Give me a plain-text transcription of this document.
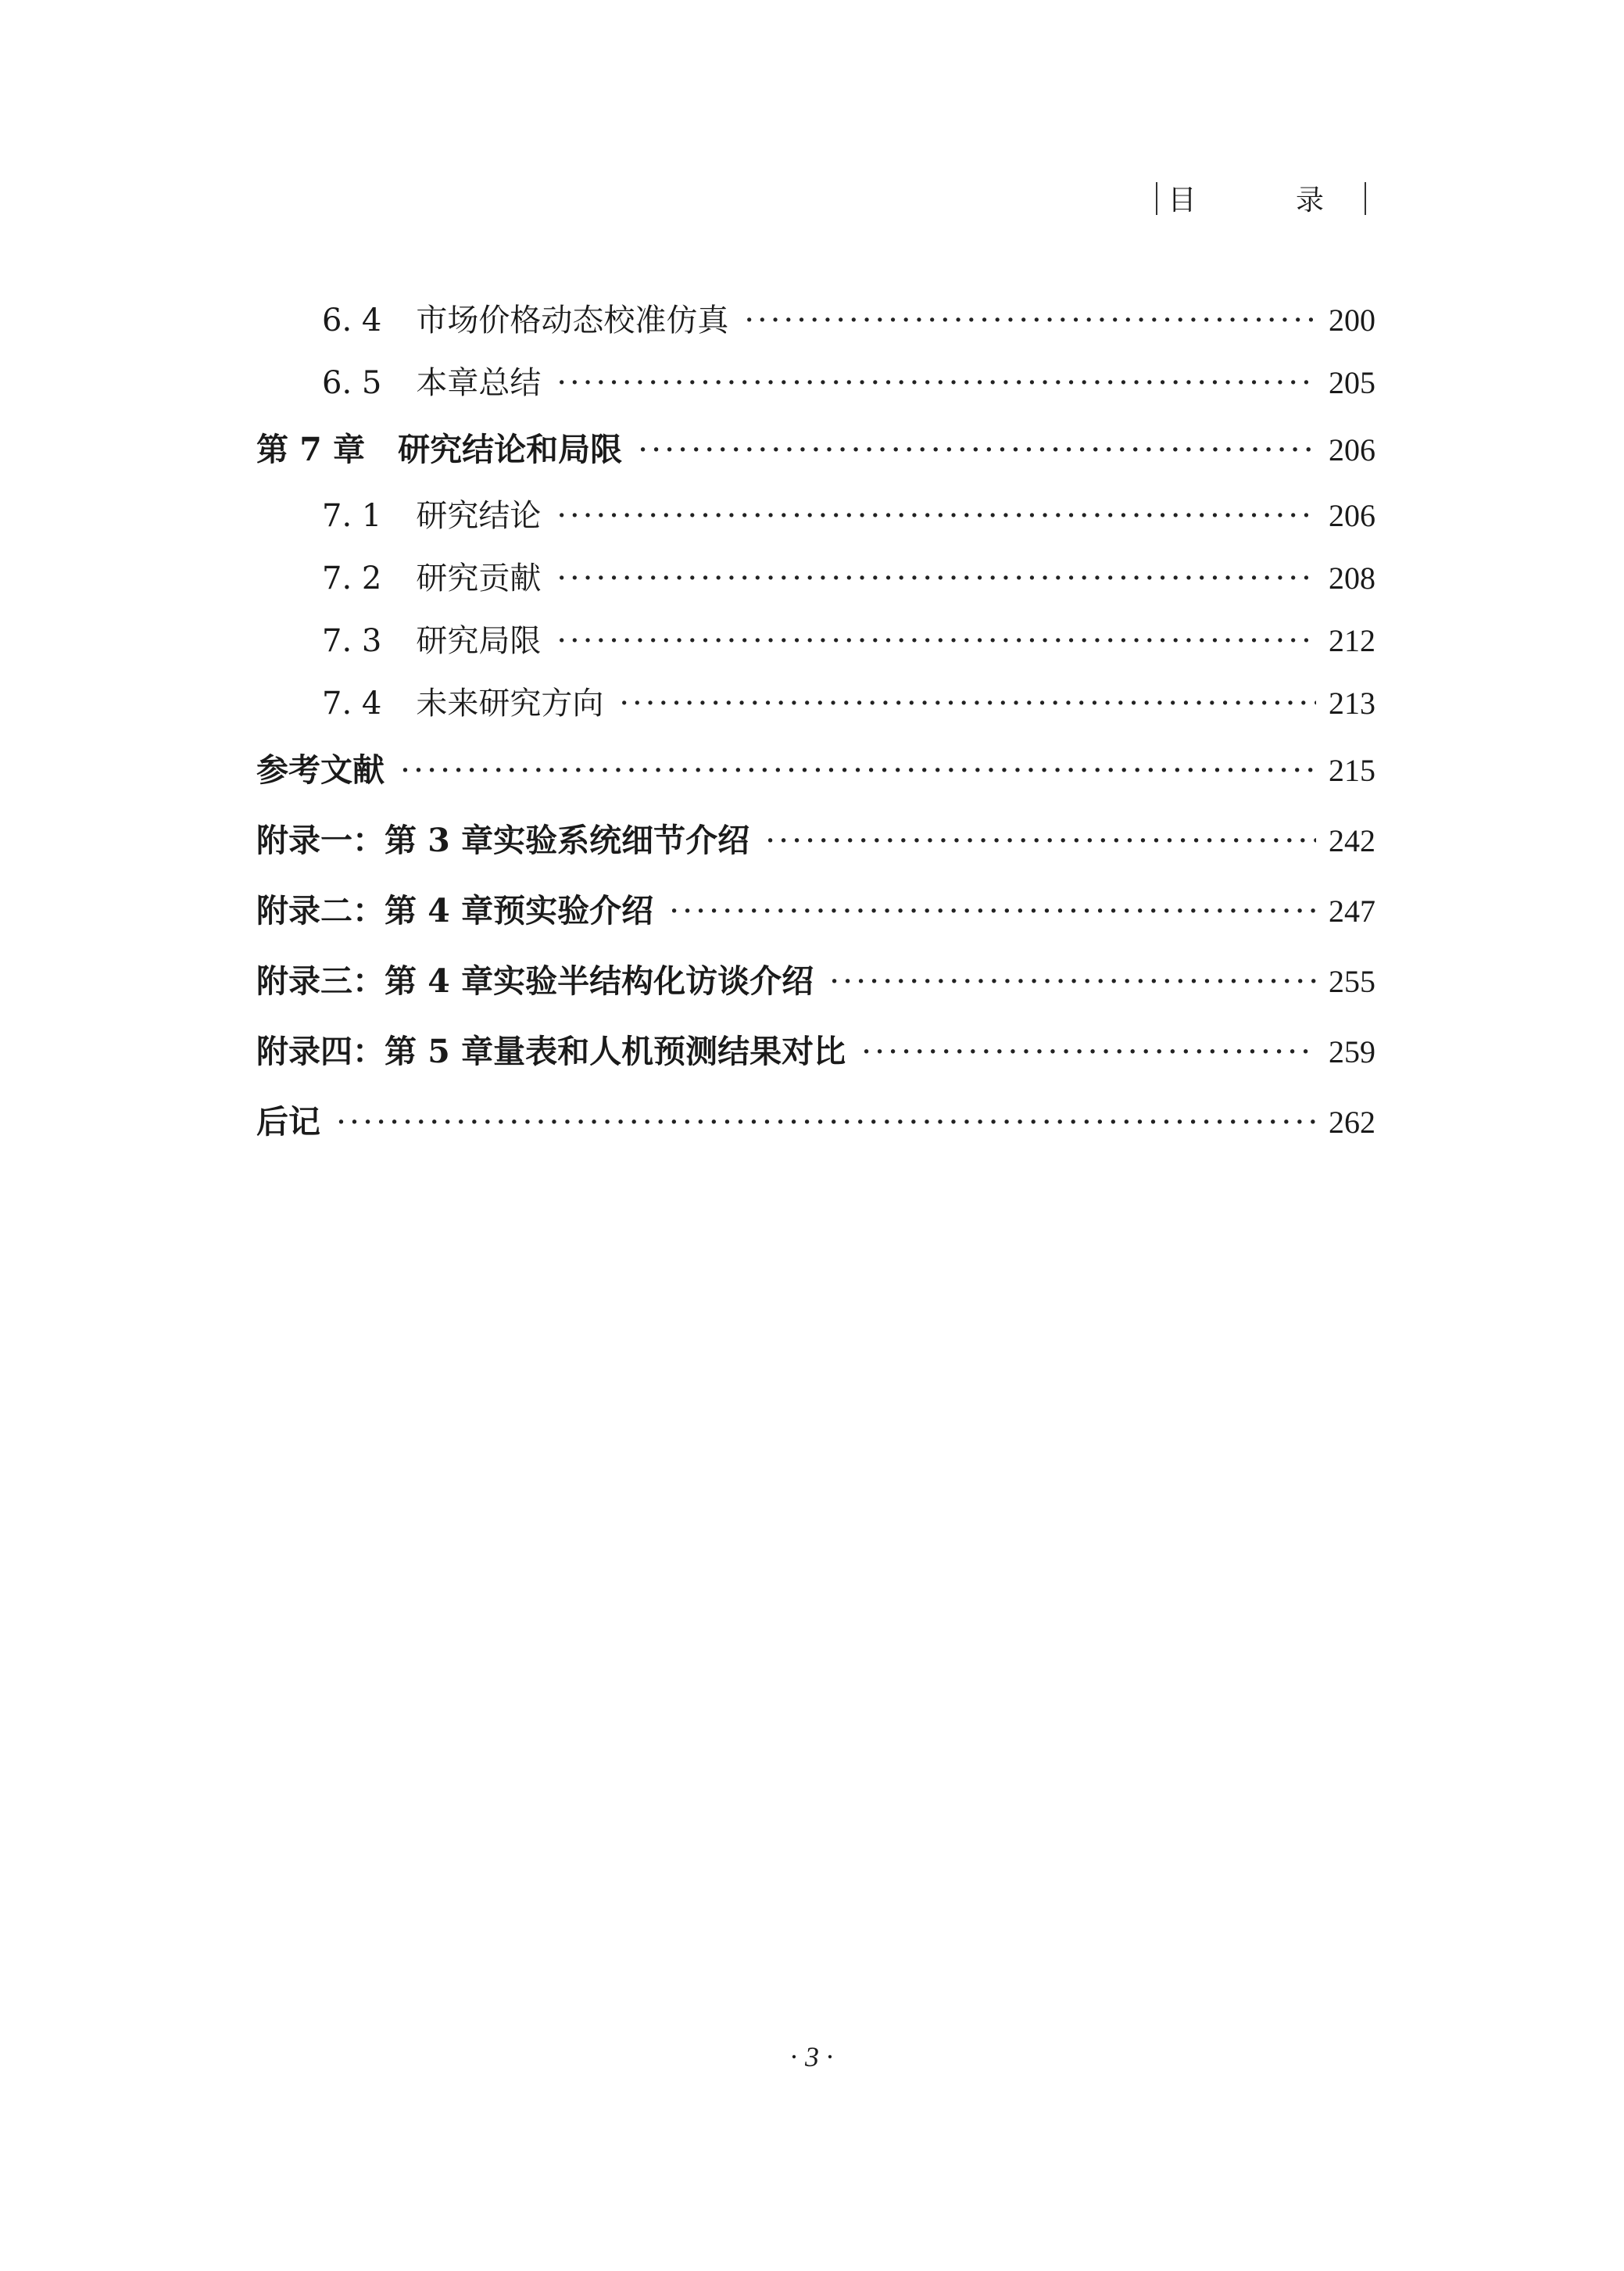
目 录
6. 4 市场价格动态校准仿真 ·····	200
6. 5 本章总结 ·····	205
第 7 章 研究结论和局限 ·····	206
7. 1 研究结论 ·····	206
7. 2 研究贡献 ·····	208
7. 3 研究局限 ·····	212
7. 4 未来研究方向 ·····	213
参考文献 ·····	215
附录一：第 3 章实验系统细节介绍 ·····	242
附录二：第 4 章预实验介绍 ·····	247
附录三：第 4 章实验半结构化访谈介绍 ·····	255
附录四：第 5 章量表和人机预测结果对比 ·····	259
后记 ·····	262
· 3 ·
